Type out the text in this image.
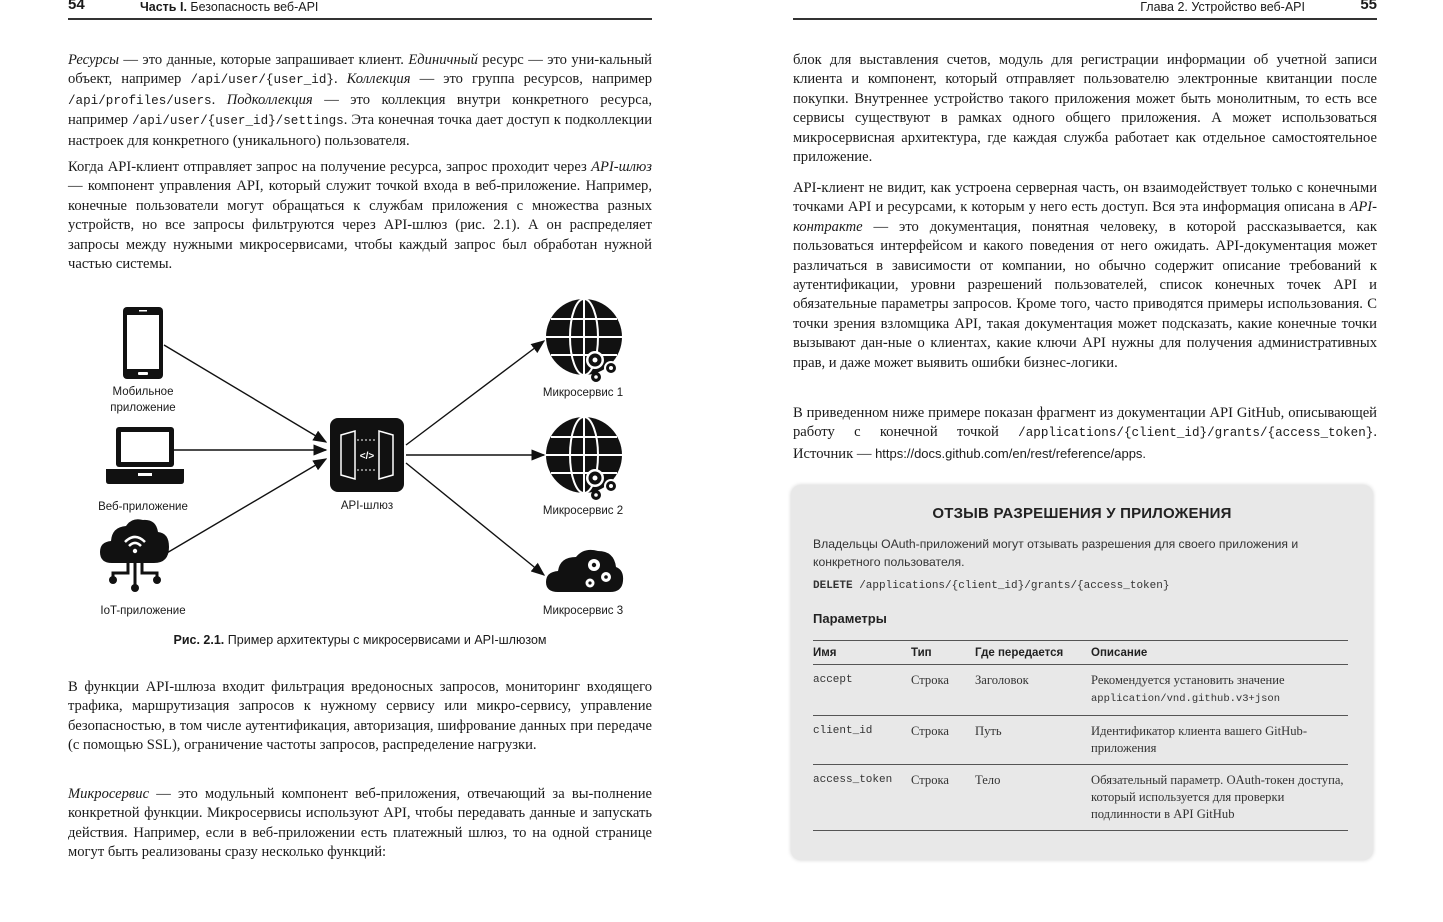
54	Часть I. Безопасность веб-API

Ресурсы — это данные, которые запрашивает клиент. Единичный ресурс — это уни-кальный объект, например /api/user/{user_id}. Коллекция — это группа ресурсов, например /api/profiles/users. Подколлекция — это коллекция внутри конкретного ресурса, например /api/user/{user_id}/settings. Эта конечная точка дает доступ к подколлекции настроек для конкретного (уникального) пользователя.

Когда API-клиент отправляет запрос на получение ресурса, запрос проходит через API-шлюз — компонент управления API, который служит точкой входа в веб-приложение. Например, конечные пользователи могут обращаться к службам приложения с множества разных устройств, но все запросы фильтруются через API-шлюз (рис. 2.1). А он распределяет запросы между нужными микросервисами, чтобы каждый запрос был обработан нужной частью системы.

В функции API-шлюза входит фильтрация вредоносных запросов, мониторинг входящего трафика, маршрутизация запросов к нужному сервису или микро-сервису, управление безопасностью, в том числе аутентификация, авторизация, шифрование данных при передаче (с помощью SSL), ограничение частоты запросов, распределение нагрузки.

Микросервис — это модульный компонент веб-приложения, отвечающий за вы-полнение конкретной функции. Микросервисы используют API, чтобы передавать данные и запускать действия. Например, если в веб-приложении есть платежный шлюз, то на одной странице могут быть реализованы сразу несколько функций:

</>
Мобильное
приложение
Веб-приложение
IoT-приложение
API-шлюз
Микросервис 1
Микросервис 2
Микросервис 3
Рис. 2.1. Пример архитектуры с микросервисами и API-шлюзом
Глава 2. Устройство веб-API	55

блок для выставления счетов, модуль для регистрации информации об учетной записи клиента и компонент, который отправляет пользователю электронные квитанции после покупки. Внутреннее устройство такого приложения может быть монолитным, то есть все сервисы существуют в рамках одного общего приложения. А может использоваться микросервисная архитектура, где каждая служба работает как отдельное самостоятельное приложение.

API-клиент не видит, как устроена серверная часть, он взаимодействует только с конечными точками API и ресурсами, к которым у него есть доступ. Вся эта информация описана в API-контракте — это документация, понятная человеку, в которой рассказывается, как пользоваться интерфейсом и какого поведения от него ожидать. API-документация может различаться в зависимости от компании, но обычно содержит описание требований к аутентификации, уровни разрешений пользователей, список конечных точек API и обязательные параметры запросов. Кроме того, часто приводятся примеры использования. С точки зрения взломщика API, такая документация может подсказать, какие конечные точки вызывают дан-ные о клиентах, какие ключи API нужны для получения административных прав, и даже может выявить ошибки бизнес-логики.

В приведенном ниже примере показан фрагмент из документации API GitHub, описывающей работу с конечной точкой /applications/{client_id}/grants/{access_token}. Источник — https://docs.github.com/en/rest/reference/apps.

ОТЗЫВ РАЗРЕШЕНИЯ У ПРИЛОЖЕНИЯ
Владельцы OAuth-приложений могут отзывать разрешения для своего приложения и конкретного пользователя.
DELETE /applications/{client_id}/grants/{access_token}
Параметры
Имя	Тип	Где передается	Описание
accept	Строка	Заголовок	Рекомендуется установить значение
application/vnd.github.v3+json
client_id	Строка	Путь	Идентификатор клиента вашего GitHub-приложения
access_token	Строка	Тело	Обязательный параметр. OAuth-токен доступа, который используется для проверки подлинности в API GitHub
